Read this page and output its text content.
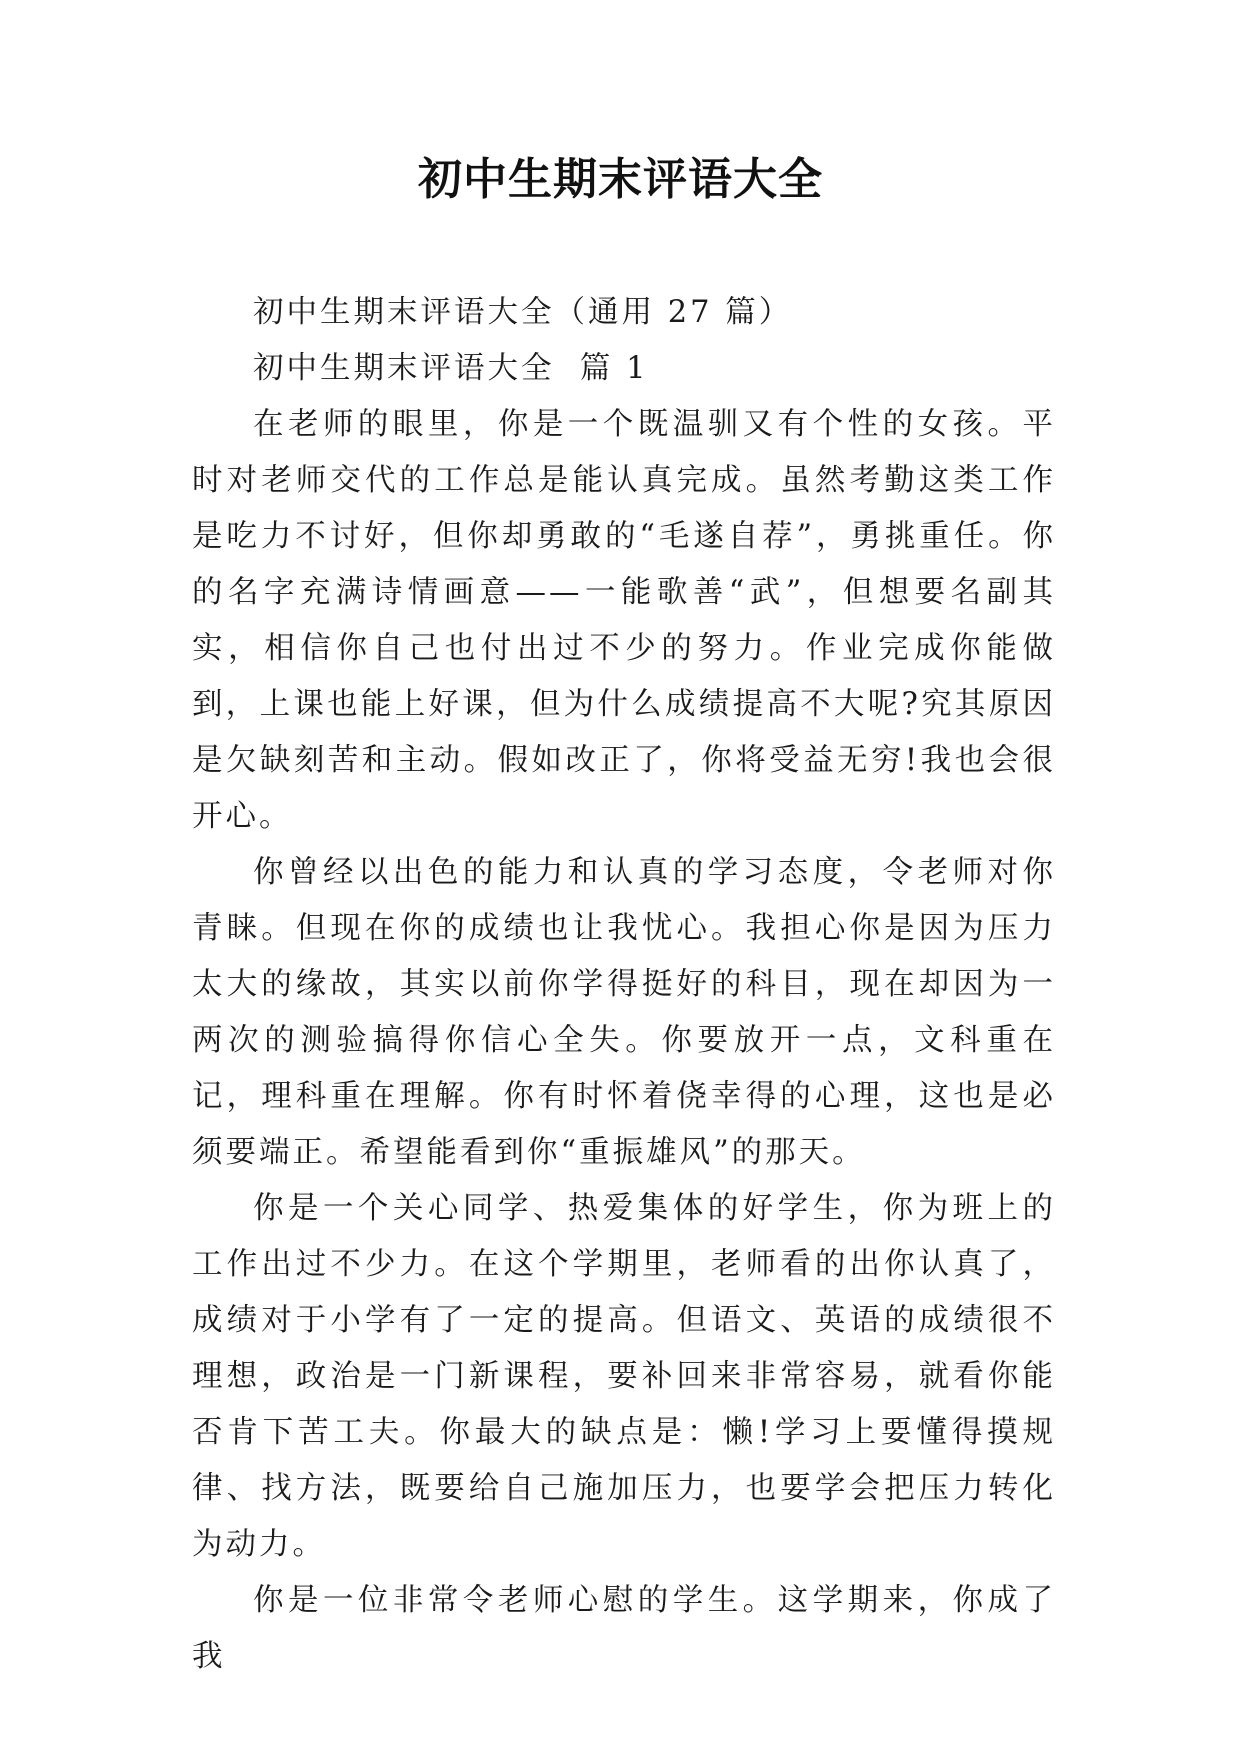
初中生期末评语大全

初中生期末评语大全（通用 27 篇）

初中生期末评语大全  篇 1

在老师的眼里，你是一个既温驯又有个性的女孩。平时对老师交代的工作总是能认真完成。虽然考勤这类工作是吃力不讨好，但你却勇敢的“毛遂自荐”，勇挑重任。你的名字充满诗情画意——一能歌善“武”，但想要名副其实，相信你自己也付出过不少的努力。作业完成你能做到，上课也能上好课，但为什么成绩提高不大呢?究其原因是欠缺刻苦和主动。假如改正了，你将受益无穷!我也会很开心。

你曾经以出色的能力和认真的学习态度，令老师对你青睐。但现在你的成绩也让我忧心。我担心你是因为压力太大的缘故，其实以前你学得挺好的科目，现在却因为一两次的测验搞得你信心全失。你要放开一点，文科重在记，理科重在理解。你有时怀着侥幸得的心理，这也是必须要端正。希望能看到你“重振雄风”的那天。

你是一个关心同学、热爱集体的好学生，你为班上的工作出过不少力。在这个学期里，老师看的出你认真了，成绩对于小学有了一定的提高。但语文、英语的成绩很不理想，政治是一门新课程，要补回来非常容易，就看你能否肯下苦工夫。你最大的缺点是：懒!学习上要懂得摸规律、找方法，既要给自己施加压力，也要学会把压力转化为动力。

你是一位非常令老师心慰的学生。这学期来，你成了我
